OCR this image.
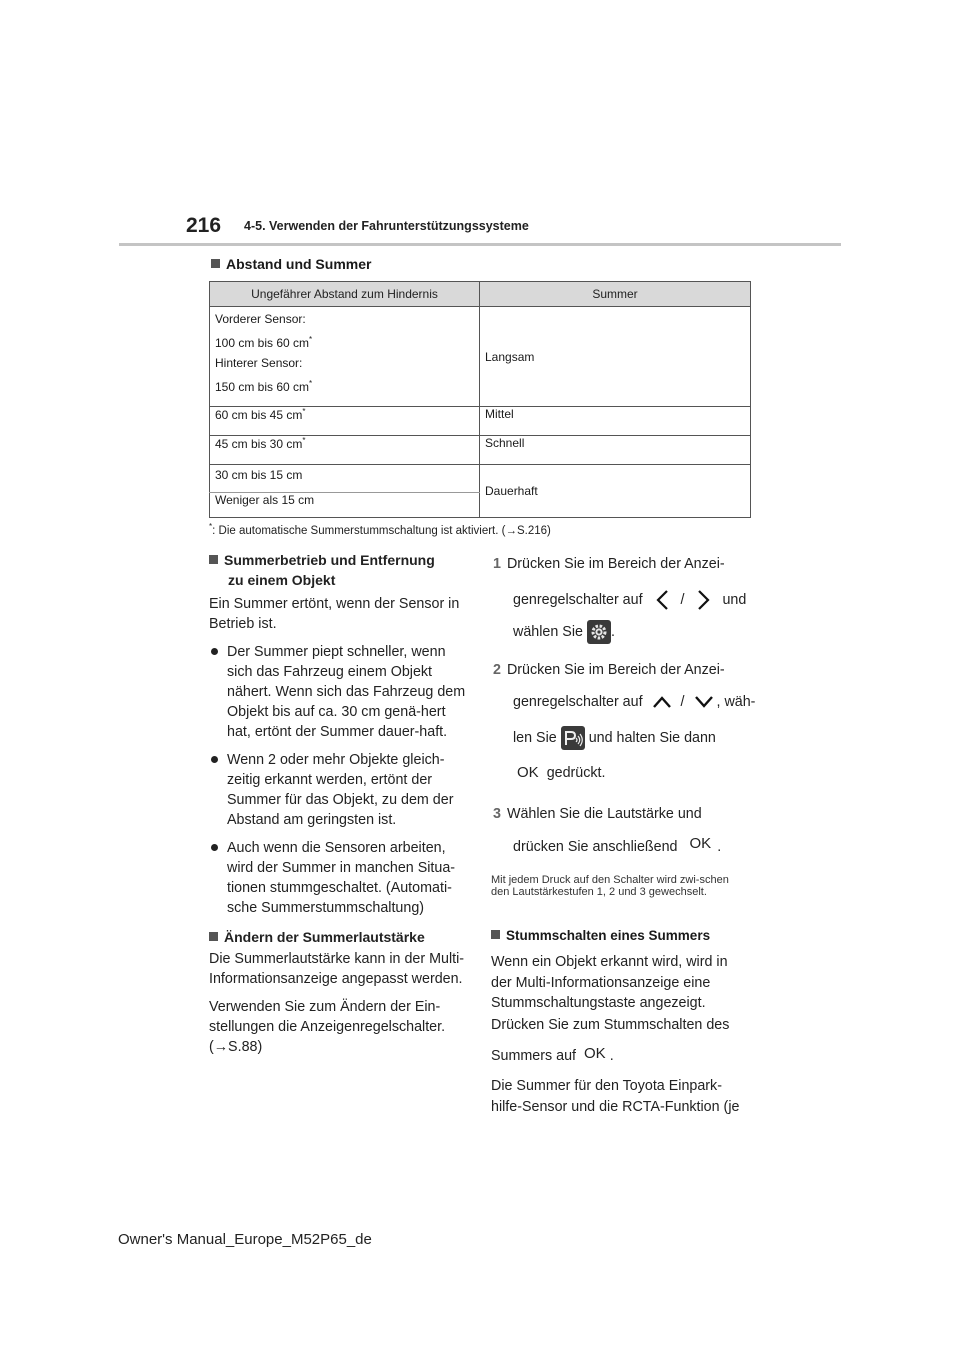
216 4-5. Verwenden der Fahrunterstützungssysteme
Abstand und Summer
Ungefährer Abstand zum Hindernis	Summer

Vorderer Sensor:
100 cm bis 60 cm*
Hinterer Sensor:
150 cm bis 60 cm*	Langsam
60 cm bis 45 cm*	Mittel
45 cm bis 30 cm*	Schnell
30 cm bis 15 cm	Dauerhaft
Weniger als 15 cm	
*: Die automatische Summerstummschaltung ist aktiviert. (→S.216)
Summerbetrieb und Entfernung
zu einem Objekt

Ein Summer ertönt, wenn der Sensor in Betrieb ist.

Der Summer piept schneller, wenn sich das Fahrzeug einem Objekt nähert. Wenn sich das Fahrzeug dem Objekt bis auf ca. 30 cm genä-hert hat, ertönt der Summer dauer-haft.
Wenn 2 oder mehr Objekte gleich-zeitig erkannt werden, ertönt der Summer für das Objekt, zu dem der Abstand am geringsten ist.
Auch wenn die Sensoren arbeiten, wird der Summer in manchen Situa-tionen stummgeschaltet. (Automati-sche Summerstummschaltung)
Ändern der Summerlautstärke

Die Summerlautstärke kann in der Multi-Informationsanzeige angepasst werden.

Verwenden Sie zum Ändern der Ein-stellungen die Anzeigenregelschalter. (→S.88)

1 Drücken Sie im Bereich der Anzei-
genregelschalter auf	/	und
wählen Sie .
2 Drücken Sie im Bereich der Anzei-
genregelschalter auf	/ , wäh-
len Sie und halten Sie dann
OK gedrückt.
3 Wählen Sie die Lautstärke und
drücken Sie anschließend OK .
Mit jedem Druck auf den Schalter wird zwi-schen den Lautstärkestufen 1, 2 und 3 gewechselt.
Stummschalten eines Summers
Wenn ein Objekt erkannt wird, wird in der Multi-Informationsanzeige eine Stummschaltungstaste angezeigt.
Drücken Sie zum Stummschalten des
Summers auf OK .
Die Summer für den Toyota Einpark-
hilfe-Sensor und die RCTA-Funktion (je
Owner's Manual_Europe_M52P65_de
